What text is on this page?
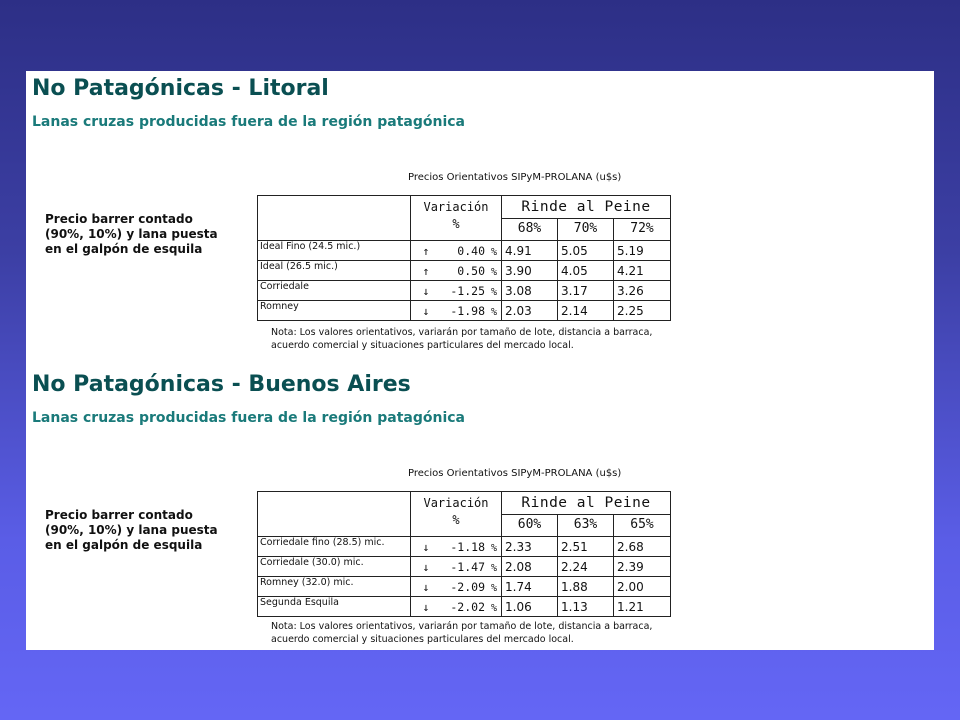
No Patagónicas - Litoral
Lanas cruzas producidas fuera de la región patagónica
Precios Orientativos SIPyM-PROLANA (u$s)
Precio barrer contado (90%, 10%) y lana puesta en el galpón de esquila
	Variación
%	Rinde al Peine		
		68%	70%	72%
Ideal Fino (24.5 mic.)	↑ 0.40 %	4.91	5.05	5.19
Ideal (26.5 mic.)	↑ 0.50 %	3.90	4.05	4.21
Corriedale	↓ -1.25 %	3.08	3.17	3.26
Romney	↓ -1.98 %	2.03	2.14	2.25
Nota: Los valores orientativos, variarán por tamaño de lote, distancia a barraca,
acuerdo comercial y situaciones particulares del mercado local.
No Patagónicas - Buenos Aires
Lanas cruzas producidas fuera de la región patagónica
Precios Orientativos SIPyM-PROLANA (u$s)
Precio barrer contado (90%, 10%) y lana puesta en el galpón de esquila
	Variación
%	Rinde al Peine		
		60%	63%	65%
Corriedale fino (28.5) mic.	↓ -1.18 %	2.33	2.51	2.68
Corriedale (30.0) mic.	↓ -1.47 %	2.08	2.24	2.39
Romney (32.0) mic.	↓ -2.09 %	1.74	1.88	2.00
Segunda Esquila	↓ -2.02 %	1.06	1.13	1.21
Nota: Los valores orientativos, variarán por tamaño de lote, distancia a barraca,
acuerdo comercial y situaciones particulares del mercado local.
